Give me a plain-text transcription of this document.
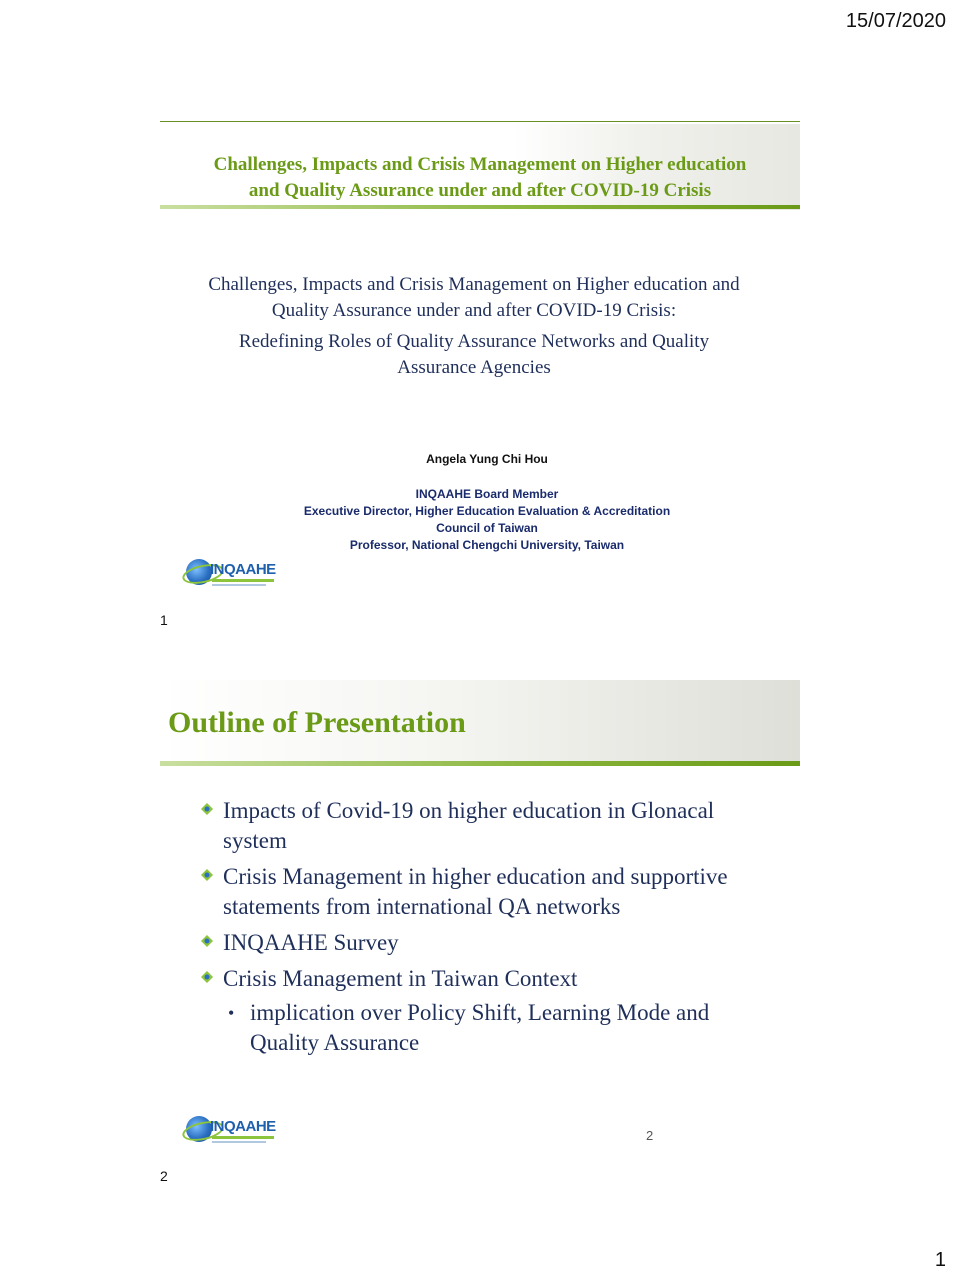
15/07/2020
1
Challenges, Impacts and Crisis Management on Higher education
and Quality Assurance under and after COVID-19 Crisis

Challenges, Impacts and Crisis Management on Higher education and
Quality Assurance under and after COVID-19 Crisis:

Redefining Roles of Quality Assurance Networks and Quality
Assurance Agencies

Angela Yung Chi Hou
INQAAHE Board Member
Executive Director, Higher Education Evaluation & Accreditation
Council of Taiwan
Professor, National Chengchi University, Taiwan
INQAAHE
1
Outline of Presentation
Impacts of Covid-19 on higher education in Glonacal system
Crisis Management in higher education and supportive statements from international QA networks
INQAAHE Survey
Crisis Management in Taiwan Context
• implication over Policy Shift, Learning Mode and Quality Assurance
INQAAHE
2
2
